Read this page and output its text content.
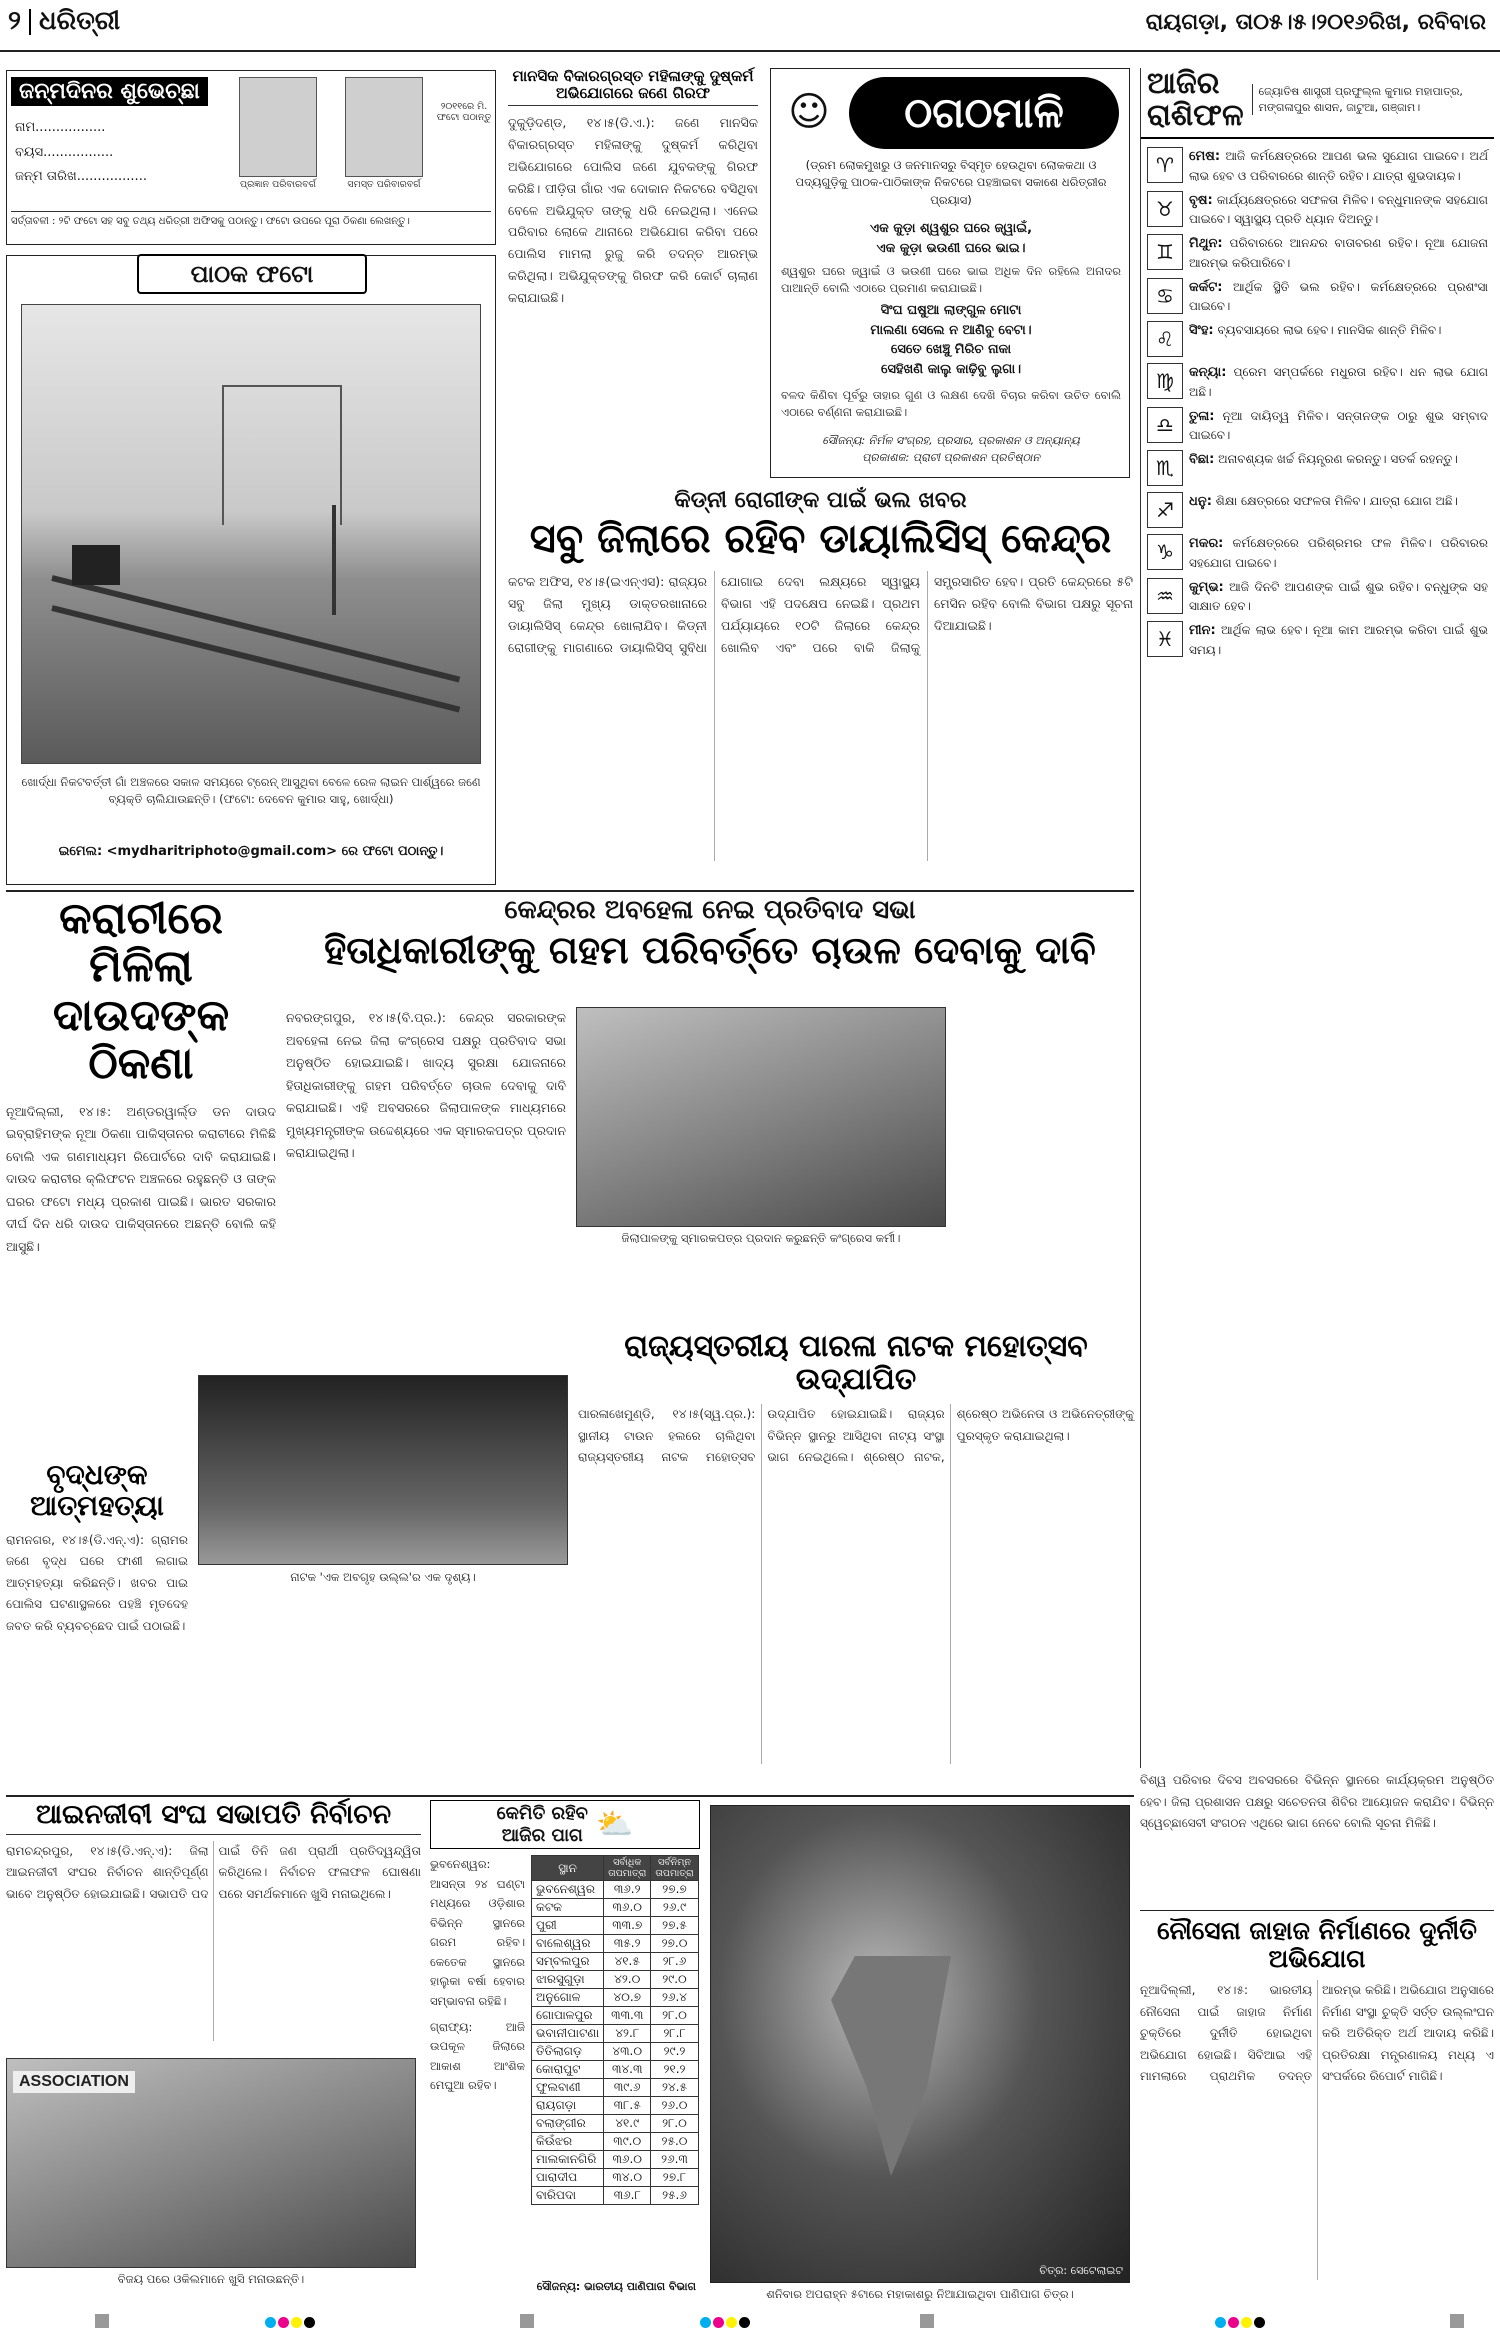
୨ ଧରିତ୍ରୀ	ରାୟଗଡ଼ା, ତା୦୫।୫।୨୦୧୬ରିଖ, ରବିବାର
ଜନ୍ମଦିନର ଶୁଭେଚ୍ଛା
ନାମ.................
ବୟସ.................
ଜନ୍ମ ତାରିଖ.................
ପ୍ରଜ୍ଞାନ ପରିବାରବର୍ଗ	ସମସ୍ତ ପରିବାରବର୍ଗ
୨୦୧୧ରେ ମି. ଫଟୋ ପଠାନ୍ତୁ
ସର୍ତ୍ତାବଳୀ : ୨ଟି ଫଟୋ ସହ ସବୁ ତଥ୍ୟ ଧରିତ୍ରୀ ଅଫିସକୁ ପଠାନ୍ତୁ। ଫଟୋ ଉପରେ ପୂରା ଠିକଣା ଲେଖନ୍ତୁ।
ମାନସିକ ବିକାରଗ୍ରସ୍ତ ମହିଳାଙ୍କୁ ଦୁଷ୍କର୍ମ ଅଭିଯୋଗରେ ଜଣେ ଗିରଫ
ଦୁକୁଡ଼ିଦଣ୍ଡ, ୧୪।୫(ଡି.ଏ.): ଜଣେ ମାନସିକ ବିକାରଗ୍ରସ୍ତ ମହିଳାଙ୍କୁ ଦୁଷ୍କର୍ମ କରିଥିବା ଅଭିଯୋଗରେ ପୋଲିସ ଜଣେ ଯୁବକଙ୍କୁ ଗିରଫ କରିଛି। ପୀଡ଼ିତା ଗାଁର ଏକ ଦୋକାନ ନିକଟରେ ବସିଥିବା ବେଳେ ଅଭିଯୁକ୍ତ ତାଙ୍କୁ ଧରି ନେଇଥିଲା। ଏନେଇ ପରିବାର ଲୋକେ ଥାନାରେ ଅଭିଯୋଗ କରିବା ପରେ ପୋଲିସ ମାମଲା ରୁଜୁ କରି ତଦନ୍ତ ଆରମ୍ଭ କରିଥିଲା। ଅଭିଯୁକ୍ତଙ୍କୁ ଗିରଫ କରି କୋର୍ଟ ଚାଲାଣ କରାଯାଇଛି।
☺	ଠଗଠମାଳି
(ଡ୍ରମ ଲୋକମୁଖରୁ ଓ ଜନମାନସରୁ ବିସ୍ମୃତ ହେଉଥିବା ଲୋକକଥା ଓ ପଦ୍ୟଗୁଡ଼ିକୁ ପାଠକ-ପାଠିକାଙ୍କ ନିକଟରେ ପହଞ୍ଚାଇବା ସକାଶେ ଧରିତ୍ରୀର ପ୍ରୟାସ)
ଏକ କୁଡ଼ା ଶ୍ୱଶୁର ଘରେ ଜ୍ୱାଇଁ,
ଏକ କୁଡ଼ା ଭଉଣୀ ଘରେ ଭାଇ।
ଶ୍ୱଶୁର ଘରେ ଜ୍ୱାଇଁ ଓ ଭଉଣୀ ଘରେ ଭାଇ ଅଧିକ ଦିନ ରହିଲେ ଅନାଦର ପାଆନ୍ତି ବୋଲି ଏଠାରେ ପ୍ରମାଣ କରାଯାଇଛି।
ସିଂଘ ଘଷୁଆ ଲାଙ୍ଗୁଳ ମୋଟା
ମାଲଣା ସେଲେ ନ ଆଣିବୁ ବେଟା।
ସେତେ ଖେଞ୍ଚୁ ମିରିଚ ନାକା
ସେହିଖଣି କାଲୁ କାଢ଼ିବୁ ଲୁଗା।
ବଳଦ କିଣିବା ପୂର୍ବରୁ ତାହାର ଗୁଣ ଓ ଲକ୍ଷଣ ଦେଖି ବିଚାର କରିବା ଉଚିତ ବୋଲି ଏଠାରେ ବର୍ଣ୍ଣନା କରାଯାଇଛି।
ସୌଜନ୍ୟ: ନିର୍ମଳ ସଂଗ୍ରହ, ପ୍ରସାର, ପ୍ରକାଶନ ଓ ଅନ୍ୟାନ୍ୟ
ପ୍ରକାଶକ: ପ୍ରାଚୀ ପ୍ରକାଶନ ପ୍ରତିଷ୍ଠାନ
ପାଠକ ଫଟୋ
ଖୋର୍ଦ୍ଧା ନିକଟବର୍ତ୍ତୀ ଗାଁ ଅଞ୍ଚଳରେ ସକାଳ ସମୟରେ ଟ୍ରେନ୍ ଆସୁଥିବା ବେଳେ ରେଳ ଲାଇନ ପାର୍ଶ୍ୱରେ ଜଣେ ବ୍ୟକ୍ତି ଚାଲିଯାଉଛନ୍ତି। (ଫଟୋ: ଦେବେନ କୁମାର ସାହୁ, ଖୋର୍ଦ୍ଧା)
ଇମେଲ: <mydharitriphoto@gmail.com> ରେ ଫଟୋ ପଠାନ୍ତୁ।
ଆଜିର
ରାଶିଫଳ
ଜ୍ୟୋତିଷ ଶାସ୍ତ୍ରୀ ପ୍ରଫୁଲ୍ଲ କୁମାର ମହାପାତ୍ର, ମଙ୍ଗଳାପୁର ଶାସନ, ଜାଟୁଆ, ଗଞ୍ଜାମ।
♈	ମେଷ: ଆଜି କର୍ମକ୍ଷେତ୍ରରେ ଆପଣ ଭଲ ସୁଯୋଗ ପାଇବେ। ଅର୍ଥ ଲାଭ ହେବ ଓ ପରିବାରରେ ଶାନ୍ତି ରହିବ। ଯାତ୍ରା ଶୁଭଦାୟକ।
♉	ବୃଷ: କାର୍ଯ୍ୟକ୍ଷେତ୍ରରେ ସଫଳତା ମିଳିବ। ବନ୍ଧୁମାନଙ୍କ ସହଯୋଗ ପାଇବେ। ସ୍ୱାସ୍ଥ୍ୟ ପ୍ରତି ଧ୍ୟାନ ଦିଅନ୍ତୁ।
♊	ମିଥୁନ: ପରିବାରରେ ଆନନ୍ଦର ବାତାବରଣ ରହିବ। ନୂଆ ଯୋଜନା ଆରମ୍ଭ କରିପାରିବେ।
♋	କର୍କଟ: ଆର୍ଥିକ ସ୍ଥିତି ଭଲ ରହିବ। କର୍ମକ୍ଷେତ୍ରରେ ପ୍ରଶଂସା ପାଇବେ।
♌	ସିଂହ: ବ୍ୟବସାୟରେ ଲାଭ ହେବ। ମାନସିକ ଶାନ୍ତି ମିଳିବ।
♍	କନ୍ୟା: ପ୍ରେମ ସମ୍ପର୍କରେ ମଧୁରତା ରହିବ। ଧନ ଲାଭ ଯୋଗ ଅଛି।
♎	ତୁଳା: ନୂଆ ଦାୟିତ୍ୱ ମିଳିବ। ସନ୍ତାନଙ୍କ ଠାରୁ ଶୁଭ ସମ୍ବାଦ ପାଇବେ।
♏	ବିଛା: ଅନାବଶ୍ୟକ ଖର୍ଚ୍ଚ ନିୟନ୍ତ୍ରଣ କରନ୍ତୁ। ସତର୍କ ରହନ୍ତୁ।
♐	ଧନୁ: ଶିକ୍ଷା କ୍ଷେତ୍ରରେ ସଫଳତା ମିଳିବ। ଯାତ୍ରା ଯୋଗ ଅଛି।
♑	ମକର: କର୍ମକ୍ଷେତ୍ରରେ ପରିଶ୍ରମର ଫଳ ମିଳିବ। ପରିବାରର ସହଯୋଗ ପାଇବେ।
♒	କୁମ୍ଭ: ଆଜି ଦିନଟି ଆପଣଙ୍କ ପାଇଁ ଶୁଭ ରହିବ। ବନ୍ଧୁଙ୍କ ସହ ସାକ୍ଷାତ ହେବ।
♓	ମୀନ: ଆର୍ଥିକ ଲାଭ ହେବ। ନୂଆ କାମ ଆରମ୍ଭ କରିବା ପାଇଁ ଶୁଭ ସମୟ।
କିଡ୍ନୀ ରୋଗୀଙ୍କ ପାଇଁ ଭଲ ଖବର
ସବୁ ଜିଲାରେ ରହିବ ଡାୟାଲିସିସ୍ କେନ୍ଦ୍ର
କଟକ ଅଫିସ, ୧୪।୫(ଇଏନ୍ଏସ): ରାଜ୍ୟର ସବୁ ଜିଲା ମୁଖ୍ୟ ଡାକ୍ତରଖାନାରେ ଡାୟାଲିସିସ୍ କେନ୍ଦ୍ର ଖୋଲାଯିବ। କିଡ୍ନୀ ରୋଗୀଙ୍କୁ ମାଗଣାରେ ଡାୟାଲିସିସ୍ ସୁବିଧା ଯୋଗାଇ ଦେବା ଲକ୍ଷ୍ୟରେ ସ୍ୱାସ୍ଥ୍ୟ ବିଭାଗ ଏହି ପଦକ୍ଷେପ ନେଇଛି। ପ୍ରଥମ ପର୍ଯ୍ୟାୟରେ ୧୦ଟି ଜିଲାରେ କେନ୍ଦ୍ର ଖୋଲିବ ଏବଂ ପରେ ବାକି ଜିଲାକୁ ସମ୍ପ୍ରସାରିତ ହେବ। ପ୍ରତି କେନ୍ଦ୍ରରେ ୫ଟି ମେସିନ ରହିବ ବୋଲି ବିଭାଗ ପକ୍ଷରୁ ସୂଚନା ଦିଆଯାଇଛି।
କରାଚୀରେ ମିଳିଲା
ଦାଉଦଙ୍କ ଠିକଣା
ନୂଆଦିଲ୍ଲୀ, ୧୪।୫: ଅଣ୍ଡରୱାର୍ଲ୍ଡ ଡନ ଦାଉଦ ଇବ୍ରାହିମଙ୍କ ନୂଆ ଠିକଣା ପାକିସ୍ତାନର କରାଚୀରେ ମିଳିଛି ବୋଲି ଏକ ଗଣମାଧ୍ୟମ ରିପୋର୍ଟରେ ଦାବି କରାଯାଇଛି। ଦାଉଦ କରାଚୀର କ୍ଲିଫଟନ ଅଞ୍ଚଳରେ ରହୁଛନ୍ତି ଓ ତାଙ୍କ ଘରର ଫଟୋ ମଧ୍ୟ ପ୍ରକାଶ ପାଇଛି। ଭାରତ ସରକାର ଦୀର୍ଘ ଦିନ ଧରି ଦାଉଦ ପାକିସ୍ତାନରେ ଅଛନ୍ତି ବୋଲି କହି ଆସୁଛି।
କେନ୍ଦ୍ରର ଅବହେଳା ନେଇ ପ୍ରତିବାଦ ସଭା
ହିତାଧିକାରୀଙ୍କୁ ଗହମ ପରିବର୍ତ୍ତେ ଚାଉଳ ଦେବାକୁ ଦାବି
ନବରଙ୍ଗପୁର, ୧୪।୫(ବି.ପ୍ର.): କେନ୍ଦ୍ର ସରକାରଙ୍କ ଅବହେଳା ନେଇ ଜିଲା କଂଗ୍ରେସ ପକ୍ଷରୁ ପ୍ରତିବାଦ ସଭା ଅନୁଷ୍ଠିତ ହୋଇଯାଇଛି। ଖାଦ୍ୟ ସୁରକ୍ଷା ଯୋଜନାରେ ହିତାଧିକାରୀଙ୍କୁ ଗହମ ପରିବର୍ତ୍ତେ ଚାଉଳ ଦେବାକୁ ଦାବି କରାଯାଇଛି। ଏହି ଅବସରରେ ଜିଲାପାଳଙ୍କ ମାଧ୍ୟମରେ ମୁଖ୍ୟମନ୍ତ୍ରୀଙ୍କ ଉଦ୍ଦେଶ୍ୟରେ ଏକ ସ୍ମାରକପତ୍ର ପ୍ରଦାନ କରାଯାଇଥିଲା।
ଜିଲାପାଳଙ୍କୁ ସ୍ମାରକପତ୍ର ପ୍ରଦାନ କରୁଛନ୍ତି କଂଗ୍ରେସ କର୍ମୀ।
ବୃଦ୍ଧଙ୍କ
ଆତ୍ମହତ୍ୟା
ରାମନଗର, ୧୪।୫(ଡି.ଏନ୍.ଏ): ଗ୍ରାମର ଜଣେ ବୃଦ୍ଧ ଘରେ ଫାଶୀ ଲଗାଇ ଆତ୍ମହତ୍ୟା କରିଛନ୍ତି। ଖବର ପାଇ ପୋଲିସ ଘଟଣାସ୍ଥଳରେ ପହଞ୍ଚି ମୃତଦେହ ଜବତ କରି ବ୍ୟବଚ୍ଛେଦ ପାଇଁ ପଠାଇଛି।
ନାଟକ 'ଏକ ଅବଗୃହ ଉଲ୍ଲ'ର ଏକ ଦୃଶ୍ୟ।
ରାଜ୍ୟସ୍ତରୀୟ ପାରଳା ନାଟକ ମହୋତ୍ସବ ଉଦ୍ଯାପିତ
ପାରଳାଖେମୁଣ୍ଡି, ୧୪।୫(ସ୍ୱ.ପ୍ର.): ସ୍ଥାନୀୟ ଟାଉନ ହଲରେ ଚାଲିଥିବା ରାଜ୍ୟସ୍ତରୀୟ ନାଟକ ମହୋତ୍ସବ ଉଦ୍ଯାପିତ ହୋଇଯାଇଛି। ରାଜ୍ୟର ବିଭିନ୍ନ ସ୍ଥାନରୁ ଆସିଥିବା ନାଟ୍ୟ ସଂସ୍ଥା ଭାଗ ନେଇଥିଲେ। ଶ୍ରେଷ୍ଠ ନାଟକ, ଶ୍ରେଷ୍ଠ ଅଭିନେତା ଓ ଅଭିନେତ୍ରୀଙ୍କୁ ପୁରସ୍କୃତ କରାଯାଇଥିଲା।
ଆଇନଜୀବୀ ସଂଘ ସଭାପତି ନିର୍ବାଚନ
ରାମଚନ୍ଦ୍ରପୁର, ୧୪।୫(ଡି.ଏନ୍.ଏ): ଜିଲା ଆଇନଜୀବୀ ସଂଘର ନିର୍ବାଚନ ଶାନ୍ତିପୂର୍ଣ୍ଣ ଭାବେ ଅନୁଷ୍ଠିତ ହୋଇଯାଇଛି। ସଭାପତି ପଦ ପାଇଁ ତିନି ଜଣ ପ୍ରାର୍ଥୀ ପ୍ରତିଦ୍ୱନ୍ଦ୍ୱିତା କରିଥିଲେ। ନିର୍ବାଚନ ଫଳାଫଳ ଘୋଷଣା ପରେ ସମର୍ଥକମାନେ ଖୁସି ମନାଇଥିଲେ।
ASSOCIATION
ବିଜୟ ପରେ ଓକିଲମାନେ ଖୁସି ମନାଉଛନ୍ତି।
କେମିତି ରହିବ
ଆଜିର ପାଗ ⛅
ଭୁବନେଶ୍ୱର: ଆସନ୍ତା ୨୪ ଘଣ୍ଟା ମଧ୍ୟରେ ଓଡ଼ିଶାର ବିଭିନ୍ନ ସ୍ଥାନରେ ଗରମ ରହିବ। କେତେକ ସ୍ଥାନରେ ହାଲୁକା ବର୍ଷା ହେବାର ସମ୍ଭାବନା ରହିଛି।
ଗ୍ରାଫ୍ୟ: ଆଜି ଉପକୂଳ ଜିଲାରେ ଆକାଶ ଆଂଶିକ ମେଘୁଆ ରହିବ।
ସ୍ଥାନ	ସର୍ବାଧିକ ତାପମାତ୍ରା	ସର୍ବନିମ୍ନ ତାପମାତ୍ରା
ଭୁବନେଶ୍ୱର	୩୬.୨	୨୭.୭
କଟକ	୩୬.୦	୨୬.୯
ପୁରୀ	୩୩.୭	୨୭.୫
ବାଲେଶ୍ୱର	୩୫.୨	୨୭.୦
ସମ୍ବଲପୁର	୪୧.୫	୨୮.୬
ଝାରସୁଗୁଡ଼ା	୪୨.୦	୨୯.୦
ଅନୁଗୋଳ	୪୦.୭	୨୬.୪
ଗୋପାଳପୁର	୩୩.୩	୨୮.୦
ଭବାନୀପାଟଣା	୪୨.୮	୨୮.୮
ତିତିଲାଗଡ଼	୪୩.୦	୨୯.୨
କୋରାପୁଟ	୩୪.୩	୨୧.୨
ଫୁଲବାଣୀ	୩୯.୬	୨୪.୫
ରାୟଗଡ଼ା	୩୮.୫	୨୬.୦
ବଲାଙ୍ଗୀର	୪୧.୯	୨୮.୦
କିଉଁଝର	୩୯.୦	୨୫.୦
ମାଲକାନଗିରି	୩୬.୦	୨୬.୩
ପାରାଦୀପ	୩୪.୦	୨୭.୮
ବାରିପଦା	୩୬.୮	୨୫.୬
ସୌଜନ୍ୟ: ଭାରତୀୟ ପାଣିପାଗ ବିଭାଗ
ଚିତ୍ର: ସେଟେଲାଇଟ
ଶନିବାର ଅପରାହ୍ନ ୫ଟାରେ ମହାକାଶରୁ ନିଆଯାଇଥିବା ପାଣିପାଗ ଚିତ୍ର।
ବିଶ୍ୱ ପରିବାର ଦିବସ ଅବସରରେ ବିଭିନ୍ନ ସ୍ଥାନରେ କାର୍ଯ୍ୟକ୍ରମ ଅନୁଷ୍ଠିତ ହେବ। ଜିଲା ପ୍ରଶାସନ ପକ୍ଷରୁ ସଚେତନତା ଶିବିର ଆୟୋଜନ କରାଯିବ। ବିଭିନ୍ନ ସ୍ୱେଚ୍ଛାସେବୀ ସଂଗଠନ ଏଥିରେ ଭାଗ ନେବେ ବୋଲି ସୂଚନା ମିଳିଛି।
ନୌସେନା ଜାହାଜ ନିର୍ମାଣରେ ଦୁର୍ନୀତି ଅଭିଯୋଗ
ନୂଆଦିଲ୍ଲୀ, ୧୪।୫: ଭାରତୀୟ ନୌସେନା ପାଇଁ ଜାହାଜ ନିର୍ମାଣ ଚୁକ୍ତିରେ ଦୁର୍ନୀତି ହୋଇଥିବା ଅଭିଯୋଗ ହୋଇଛି। ସିବିଆଇ ଏହି ମାମଲାରେ ପ୍ରାଥମିକ ତଦନ୍ତ ଆରମ୍ଭ କରିଛି। ଅଭିଯୋଗ ଅନୁସାରେ ନିର୍ମାଣ ସଂସ୍ଥା ଚୁକ୍ତି ସର୍ତ୍ତ ଉଲ୍ଲଂଘନ କରି ଅତିରିକ୍ତ ଅର୍ଥ ଆଦାୟ କରିଛି। ପ୍ରତିରକ୍ଷା ମନ୍ତ୍ରଣାଳୟ ମଧ୍ୟ ଏ ସଂପର୍କରେ ରିପୋର୍ଟ ମାଗିଛି।
